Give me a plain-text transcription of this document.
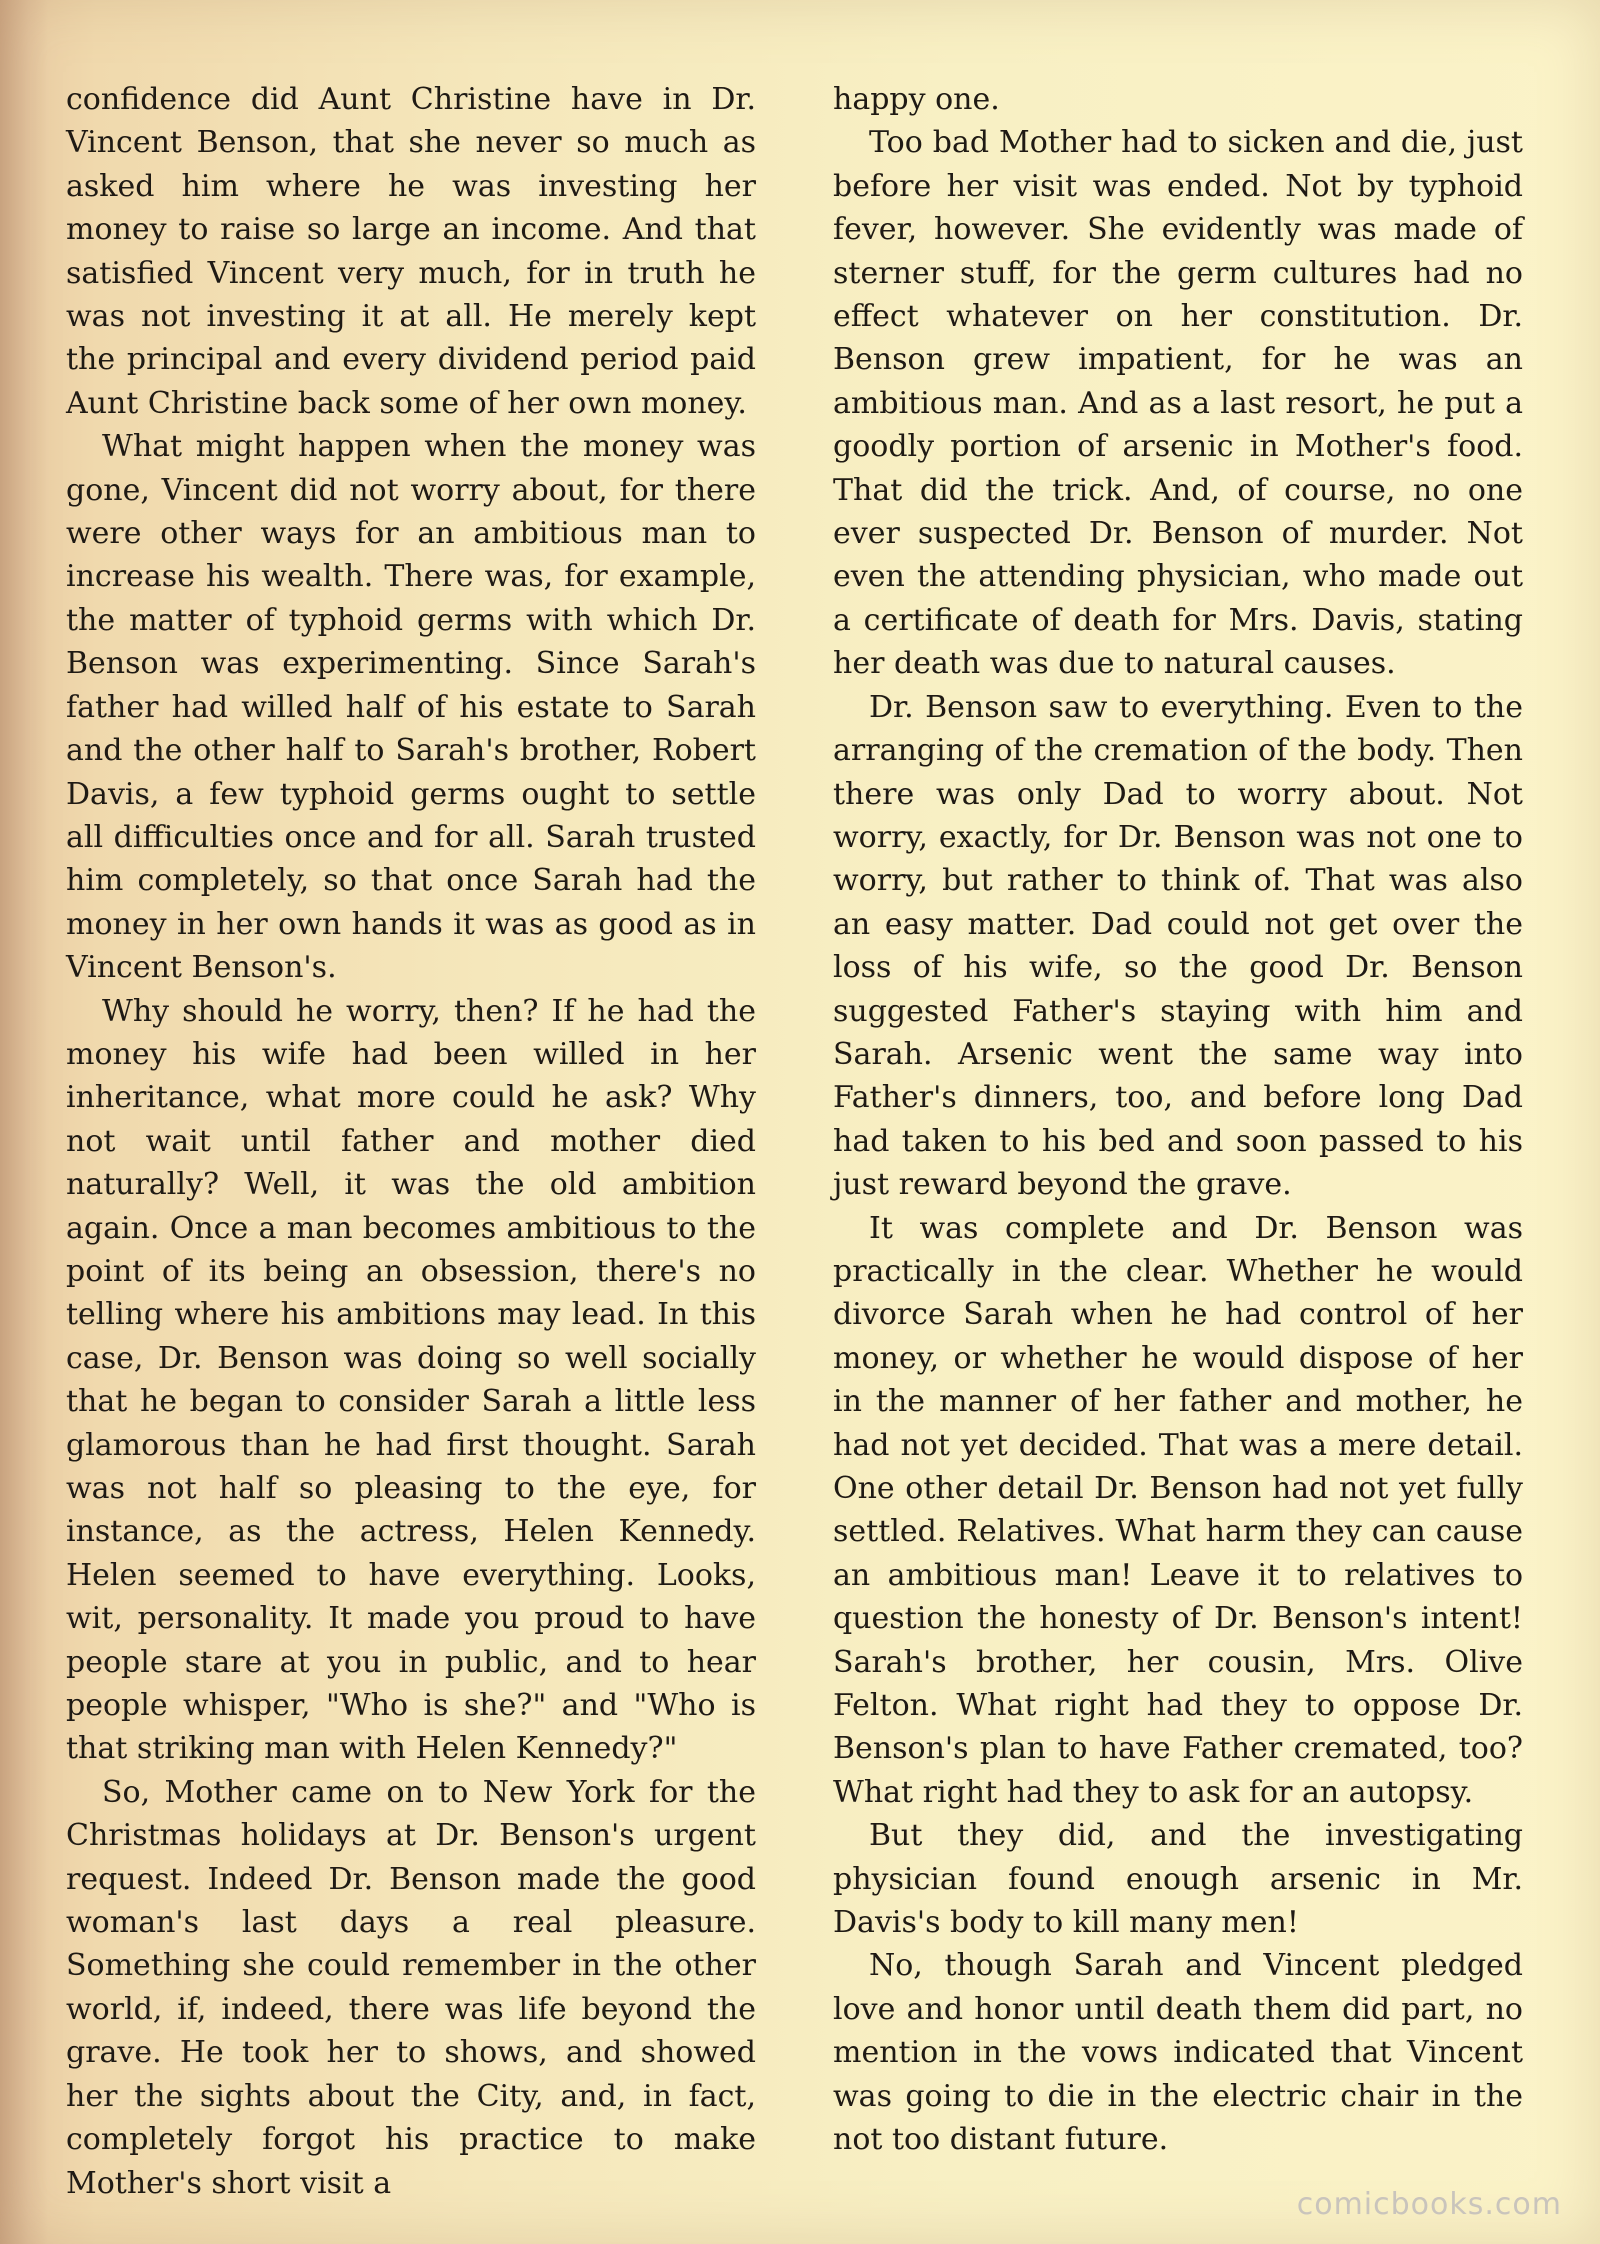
confidence did Aunt Christine have in Dr. Vincent Benson, that she never so much as asked him where he was investing her money to raise so large an income. And that satisfied Vincent very much, for in truth he was not investing it at all. He merely kept the principal and every dividend period paid Aunt Christine back some of her own money.

What might happen when the money was gone, Vincent did not worry about, for there were other ways for an ambitious man to increase his wealth. There was, for example, the matter of typhoid germs with which Dr. Benson was experimenting. Since Sarah's father had willed half of his estate to Sarah and the other half to Sarah's brother, Robert Davis, a few typhoid germs ought to settle all difficulties once and for all. Sarah trusted him completely, so that once Sarah had the money in her own hands it was as good as in Vincent Benson's.

Why should he worry, then? If he had the money his wife had been willed in her inheritance, what more could he ask? Why not wait until father and mother died naturally? Well, it was the old ambition again. Once a man becomes ambitious to the point of its being an obsession, there's no telling where his ambitions may lead. In this case, Dr. Benson was doing so well socially that he began to consider Sarah a little less glamorous than he had first thought. Sarah was not half so pleasing to the eye, for instance, as the actress, Helen Kennedy. Helen seemed to have everything. Looks, wit, personality. It made you proud to have people stare at you in public, and to hear people whisper, "Who is she?" and "Who is that striking man with Helen Kennedy?"

So, Mother came on to New York for the Christmas holidays at Dr. Benson's urgent request. Indeed Dr. Benson made the good woman's last days a real pleasure. Something she could remember in the other world, if, indeed, there was life beyond the grave. He took her to shows, and showed her the sights about the City, and, in fact, completely forgot his practice to make Mother's short visit a

happy one.

Too bad Mother had to sicken and die, just before her visit was ended. Not by typhoid fever, however. She evidently was made of sterner stuff, for the germ cultures had no effect whatever on her constitution. Dr. Benson grew impatient, for he was an ambitious man. And as a last resort, he put a goodly portion of arsenic in Mother's food. That did the trick. And, of course, no one ever suspected Dr. Benson of murder. Not even the attending physician, who made out a certificate of death for Mrs. Davis, stating her death was due to natural causes.

Dr. Benson saw to everything. Even to the arranging of the cremation of the body. Then there was only Dad to worry about. Not worry, exactly, for Dr. Benson was not one to worry, but rather to think of. That was also an easy matter. Dad could not get over the loss of his wife, so the good Dr. Benson suggested Father's staying with him and Sarah. Arsenic went the same way into Father's dinners, too, and before long Dad had taken to his bed and soon passed to his just reward beyond the grave.

It was complete and Dr. Benson was practically in the clear. Whether he would divorce Sarah when he had control of her money, or whether he would dispose of her in the manner of her father and mother, he had not yet decided. That was a mere detail. One other detail Dr. Benson had not yet fully settled. Relatives. What harm they can cause an ambitious man! Leave it to relatives to question the honesty of Dr. Benson's intent! Sarah's brother, her cousin, Mrs. Olive Felton. What right had they to oppose Dr. Benson's plan to have Father cremated, too? What right had they to ask for an autopsy.

But they did, and the investigating physician found enough arsenic in Mr. Davis's body to kill many men!

No, though Sarah and Vincent pledged love and honor until death them did part, no mention in the vows indicated that Vincent was going to die in the electric chair in the not too distant future.

comicbooks.com
